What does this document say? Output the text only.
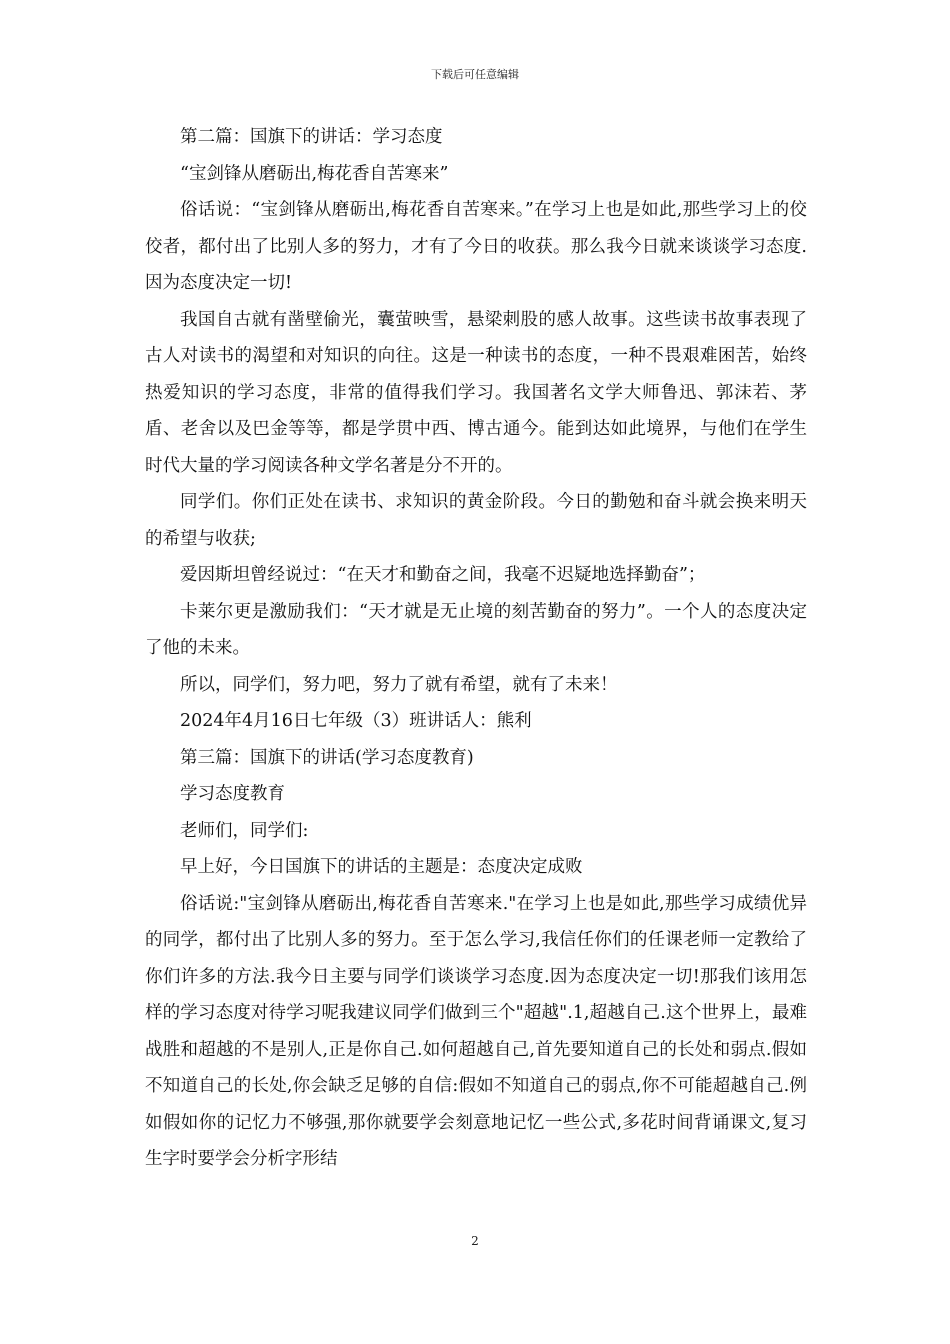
下载后可任意编辑

第二篇：国旗下的讲话：学习态度

“宝剑锋从磨砺出,梅花香自苦寒来”

俗话说：“宝剑锋从磨砺出,梅花香自苦寒来。”在学习上也是如此,那些学习上的佼佼者，都付出了比别人多的努力，才有了今日的收获。那么我今日就来谈谈学习态度.因为态度决定一切!

我国自古就有凿壁偷光，囊萤映雪，悬梁刺股的感人故事。这些读书故事表现了古人对读书的渴望和对知识的向往。这是一种读书的态度，一种不畏艰难困苦，始终热爱知识的学习态度，非常的值得我们学习。我国著名文学大师鲁迅、郭沫若、茅盾、老舍以及巴金等等，都是学贯中西、博古通今。能到达如此境界，与他们在学生时代大量的学习阅读各种文学名著是分不开的。

同学们。你们正处在读书、求知识的黄金阶段。今日的勤勉和奋斗就会换来明天的希望与收获;

爱因斯坦曾经说过：“在天才和勤奋之间，我毫不迟疑地选择勤奋”；

卡莱尔更是激励我们：“天才就是无止境的刻苦勤奋的努力”。一个人的态度决定了他的未来。

所以，同学们，努力吧，努力了就有希望，就有了未来！

2024年4月16日七年级（3）班讲话人：熊利

第三篇：国旗下的讲话(学习态度教育)

学习态度教育

老师们，同学们:

早上好，今日国旗下的讲话的主题是：态度决定成败

俗话说:"宝剑锋从磨砺出,梅花香自苦寒来."在学习上也是如此,那些学习成绩优异的同学，都付出了比别人多的努力。至于怎么学习,我信任你们的任课老师一定教给了你们许多的方法.我今日主要与同学们谈谈学习态度.因为态度决定一切!那我们该用怎样的学习态度对待学习呢我建议同学们做到三个"超越".1,超越自己.这个世界上，最难战胜和超越的不是别人,正是你自己.如何超越自己,首先要知道自己的长处和弱点.假如不知道自己的长处,你会缺乏足够的自信:假如不知道自己的弱点,你不可能超越自己.例如假如你的记忆力不够强,那你就要学会刻意地记忆一些公式,多花时间背诵课文,复习生字时要学会分析字形结

2
